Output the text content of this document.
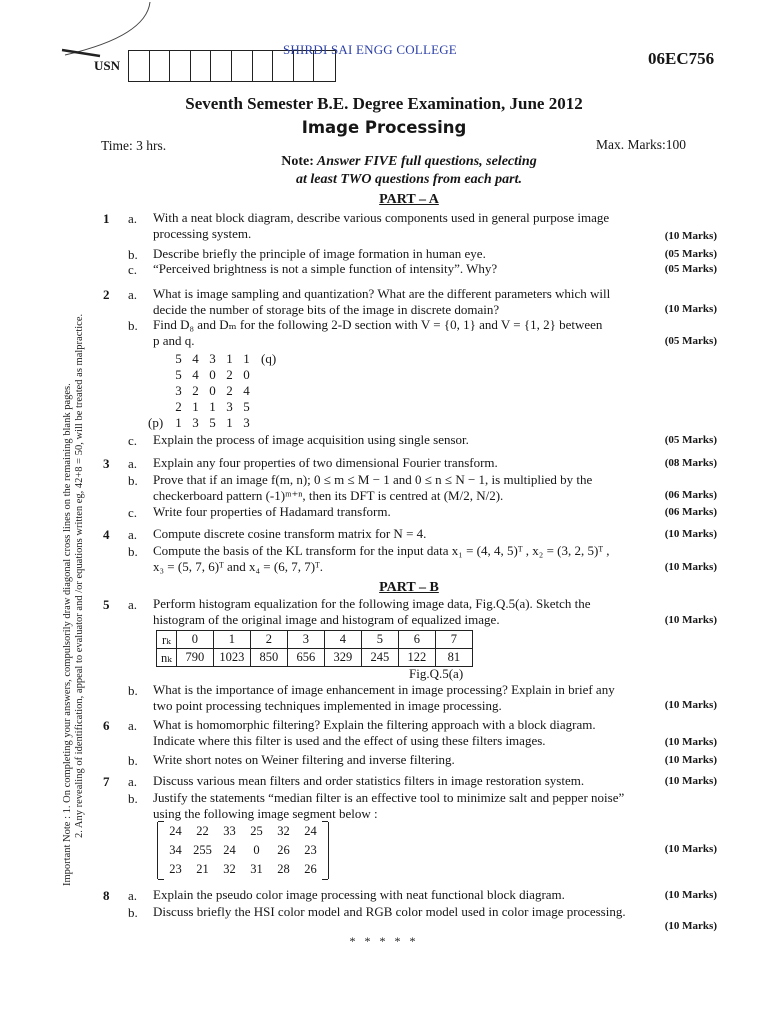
USN
SHIRDI SAI ENGG COLLEGE	06EC756
Seventh Semester B.E. Degree Examination, June 2012
Image Processing
Time: 3 hrs.	Max. Marks:100
Note: Answer FIVE full questions, selecting
at least TWO questions from each part.
Important Note : 1. On completing your answers, compulsorily draw diagonal cross lines on the remaining blank pages. 2. Any revealing of identification, appeal to evaluator and /or equations written eg, 42+8 = 50, will be treated as malpractice.
PART – A
1 a. With a neat block diagram, describe various components used in general purpose image
processing system.	(10 Marks)
b. Describe briefly the principle of image formation in human eye.	(05 Marks)
c. “Perceived brightness is not a simple function of intensity”. Why?	(05 Marks)
2 a. What is image sampling and quantization? What are the different parameters which will
decide the number of storage bits of the image in discrete domain?	(10 Marks)
b. Find D₈ and Dₘ for the following 2-D section with V = {0, 1} and V = {1, 2} between
p and q.	(05 Marks)
5 4 3 1 1 (q)
5 4 0 2 0
3 2 0 2 4
2 1 1 3 5
(p) 1 3 5 1 3
c. Explain the process of image acquisition using single sensor.	(05 Marks)
3 a. Explain any four properties of two dimensional Fourier transform.	(08 Marks)
b. Prove that if an image f(m, n); 0 ≤ m ≤ M − 1 and 0 ≤ n ≤ N − 1, is multiplied by the
checkerboard pattern (-1)ᵐ⁺ⁿ, then its DFT is centred at (M/2, N/2).	(06 Marks)
c. Write four properties of Hadamard transform.	(06 Marks)
4 a. Compute discrete cosine transform matrix for N = 4.	(10 Marks)
b. Compute the basis of the KL transform for the input data x₁ = (4, 4, 5)ᵀ , x₂ = (3, 2, 5)ᵀ ,
x₃ = (5, 7, 6)ᵀ and x₄ = (6, 7, 7)ᵀ.	(10 Marks)
PART – B
5 a. Perform histogram equalization for the following image data, Fig.Q.5(a). Sketch the
histogram of the original image and histogram of equalized image.	(10 Marks)
rₖ	0	1	2	3	4	5	6	7
nₖ	790	1023	850	656	329	245	122	81
Fig.Q.5(a)
b. What is the importance of image enhancement in image processing? Explain in brief any
two point processing techniques implemented in image processing.	(10 Marks)
6 a. What is homomorphic filtering? Explain the filtering approach with a block diagram.
Indicate where this filter is used and the effect of using these filters images.	(10 Marks)
b. Write short notes on Weiner filtering and inverse filtering.	(10 Marks)
7 a. Discuss various mean filters and order statistics filters in image restoration system.	(10 Marks)
b. Justify the statements “median filter is an effective tool to minimize salt and pepper noise”
using the following image segment below :
24	22	33	25	32	24
34 255 24	0	26	23
23	21	32	31	28	26
(10 Marks)
8 a. Explain the pseudo color image processing with neat functional block diagram.	(10 Marks)
b. Discuss briefly the HSI color model and RGB color model used in color image processing.
(10 Marks)
* * * * *
